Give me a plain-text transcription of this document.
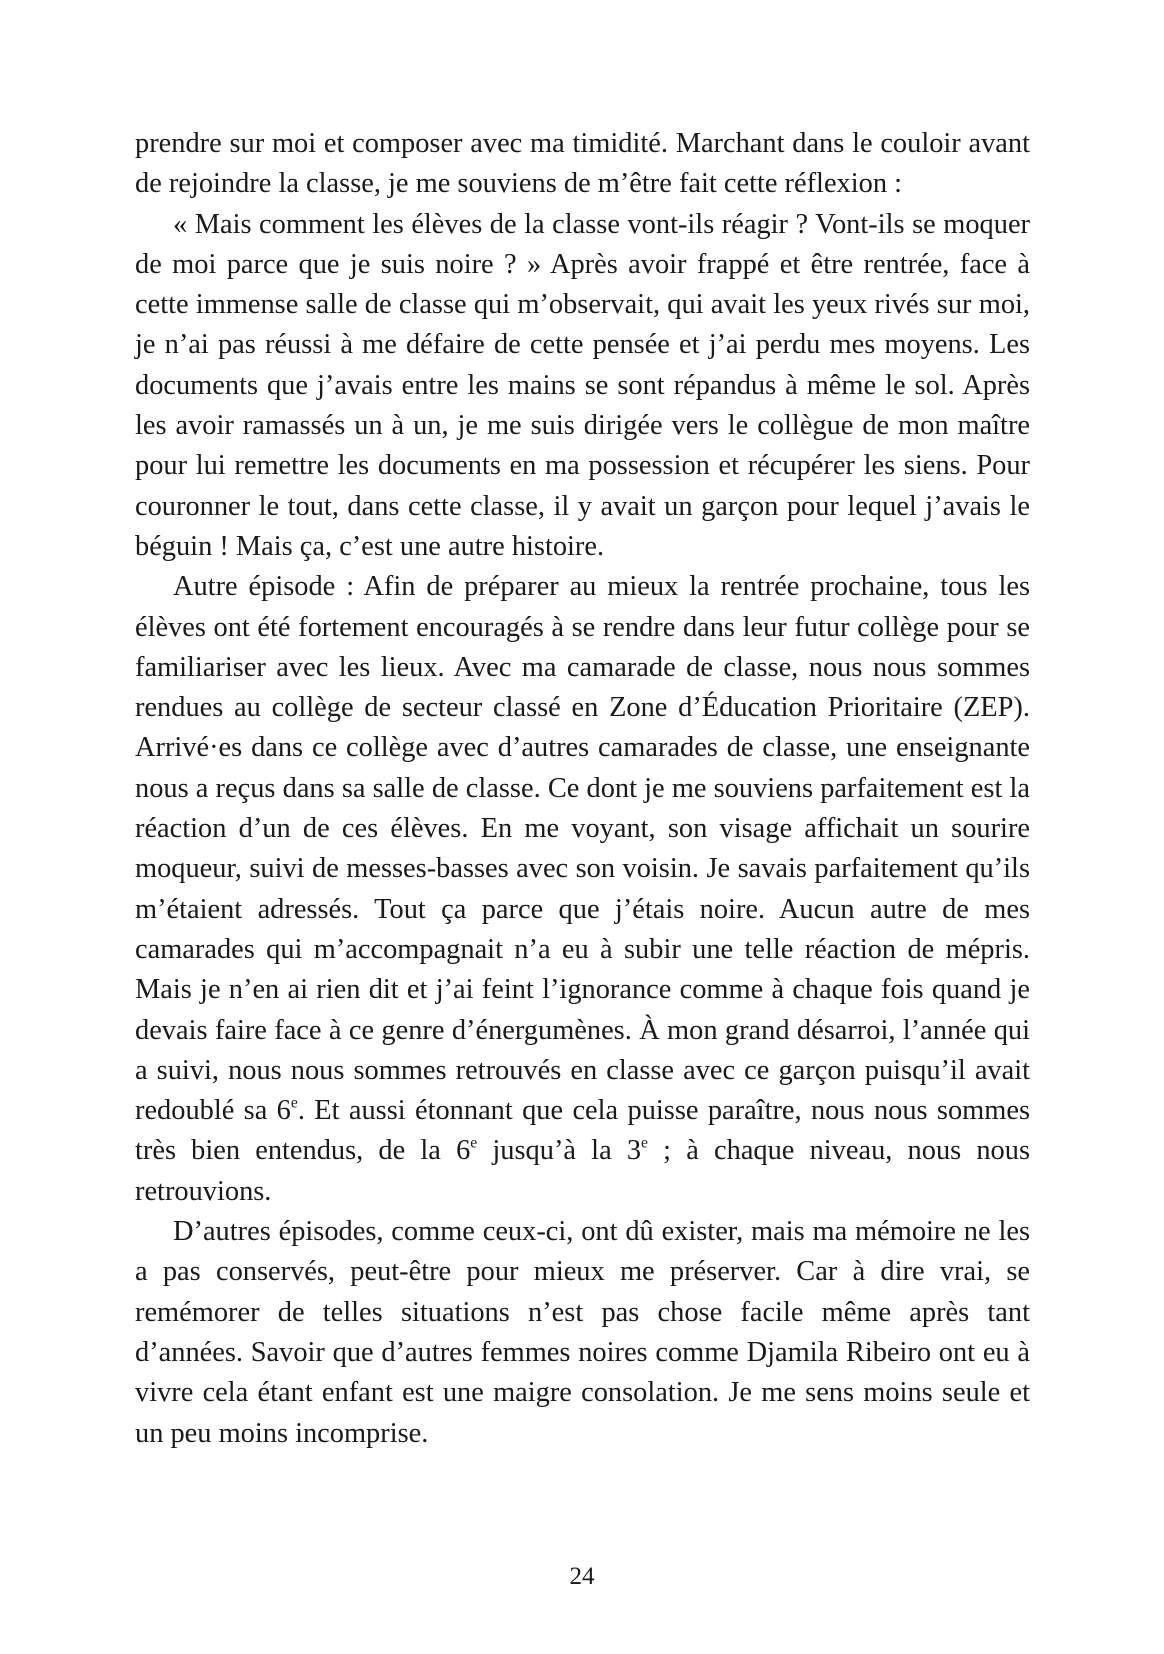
prendre sur moi et composer avec ma timidité. Marchant dans le couloir avant de rejoindre la classe, je me souviens de m’être fait cette réflexion :

« Mais comment les élèves de la classe vont-ils réagir ? Vont-ils se moquer de moi parce que je suis noire ? » Après avoir frappé et être rentrée, face à cette immense salle de classe qui m’observait, qui avait les yeux rivés sur moi, je n’ai pas réussi à me défaire de cette pensée et j’ai perdu mes moyens. Les documents que j’avais entre les mains se sont répandus à même le sol. Après les avoir ramassés un à un, je me suis dirigée vers le collègue de mon maître pour lui remettre les documents en ma possession et récupérer les siens. Pour couronner le tout, dans cette classe, il y avait un garçon pour lequel j’avais le béguin ! Mais ça, c’est une autre histoire.

Autre épisode : Afin de préparer au mieux la rentrée prochaine, tous les élèves ont été fortement encouragés à se rendre dans leur futur collège pour se familiariser avec les lieux. Avec ma camarade de classe, nous nous sommes rendues au collège de secteur classé en Zone d’Éducation Prioritaire (ZEP). Arrivé·es dans ce collège avec d’autres camarades de classe, une enseignante nous a reçus dans sa salle de classe. Ce dont je me souviens parfaitement est la réaction d’un de ces élèves. En me voyant, son visage affichait un sourire moqueur, suivi de messes-basses avec son voisin. Je savais parfaitement qu’ils m’étaient adressés. Tout ça parce que j’étais noire. Aucun autre de mes camarades qui m’accompagnait n’a eu à subir une telle réaction de mépris. Mais je n’en ai rien dit et j’ai feint l’ignorance comme à chaque fois quand je devais faire face à ce genre d’énergumènes. À mon grand désarroi, l’année qui a suivi, nous nous sommes retrouvés en classe avec ce garçon puisqu’il avait redoublé sa 6e. Et aussi étonnant que cela puisse paraître, nous nous sommes très bien entendus, de la 6e jusqu’à la 3e ; à chaque niveau, nous nous retrouvions.

D’autres épisodes, comme ceux-ci, ont dû exister, mais ma mémoire ne les a pas conservés, peut-être pour mieux me préserver. Car à dire vrai, se remémorer de telles situations n’est pas chose facile même après tant d’années. Savoir que d’autres femmes noires comme Djamila Ribeiro ont eu à vivre cela étant enfant est une maigre consolation. Je me sens moins seule et un peu moins incomprise.

24
